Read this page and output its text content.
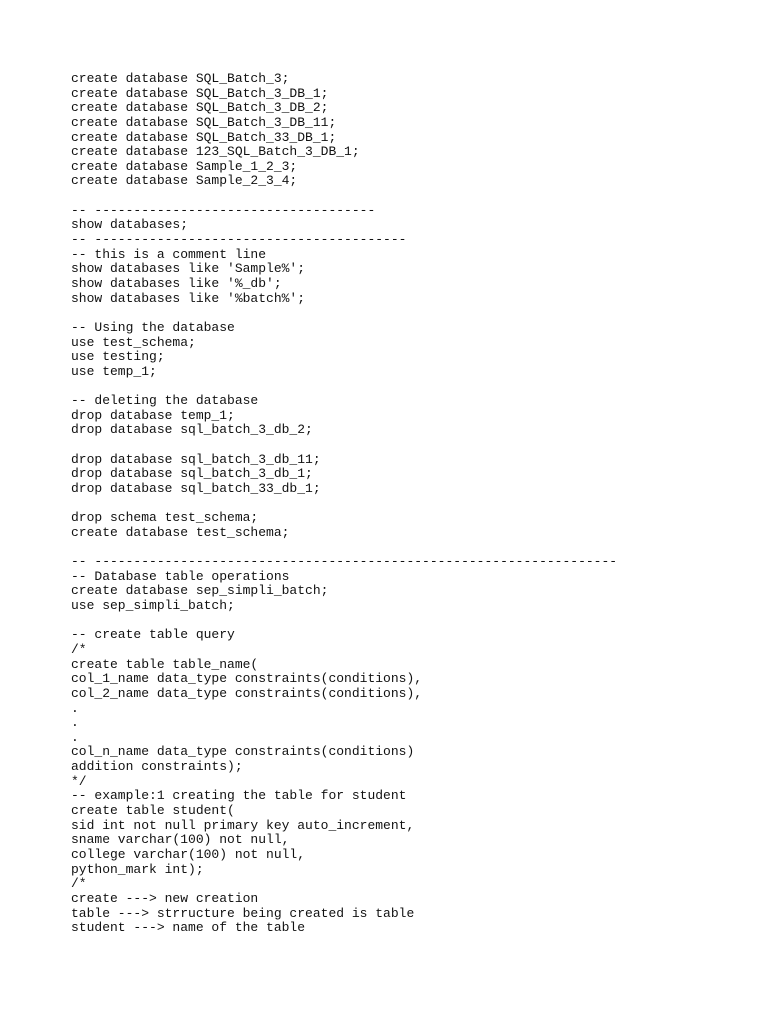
create database SQL_Batch_3;
create database SQL_Batch_3_DB_1;
create database SQL_Batch_3_DB_2;
create database SQL_Batch_3_DB_11;
create database SQL_Batch_33_DB_1;
create database 123_SQL_Batch_3_DB_1;
create database Sample_1_2_3;
create database Sample_2_3_4;
-- ------------------------------------
show databases;
-- ----------------------------------------
-- this is a comment line
show databases like 'Sample%';
show databases like '%_db';
show databases like '%batch%';
-- Using the database
use test_schema;
use testing;
use temp_1;
-- deleting the database
drop database temp_1;
drop database sql_batch_3_db_2;
drop database sql_batch_3_db_11;
drop database sql_batch_3_db_1;
drop database sql_batch_33_db_1;
drop schema test_schema;
create database test_schema;
-- -------------------------------------------------------------------
-- Database table operations
create database sep_simpli_batch;
use sep_simpli_batch;
-- create table query
/*
create table table_name(
col_1_name data_type constraints(conditions),
col_2_name data_type constraints(conditions),
.
.
.
col_n_name data_type constraints(conditions)
addition constraints);
*/
-- example:1 creating the table for student
create table student(
sid int not null primary key auto_increment,
sname varchar(100) not null,
college varchar(100) not null,
python_mark int);
/*
create ---> new creation
table ---> strructure being created is table
student ---> name of the table
